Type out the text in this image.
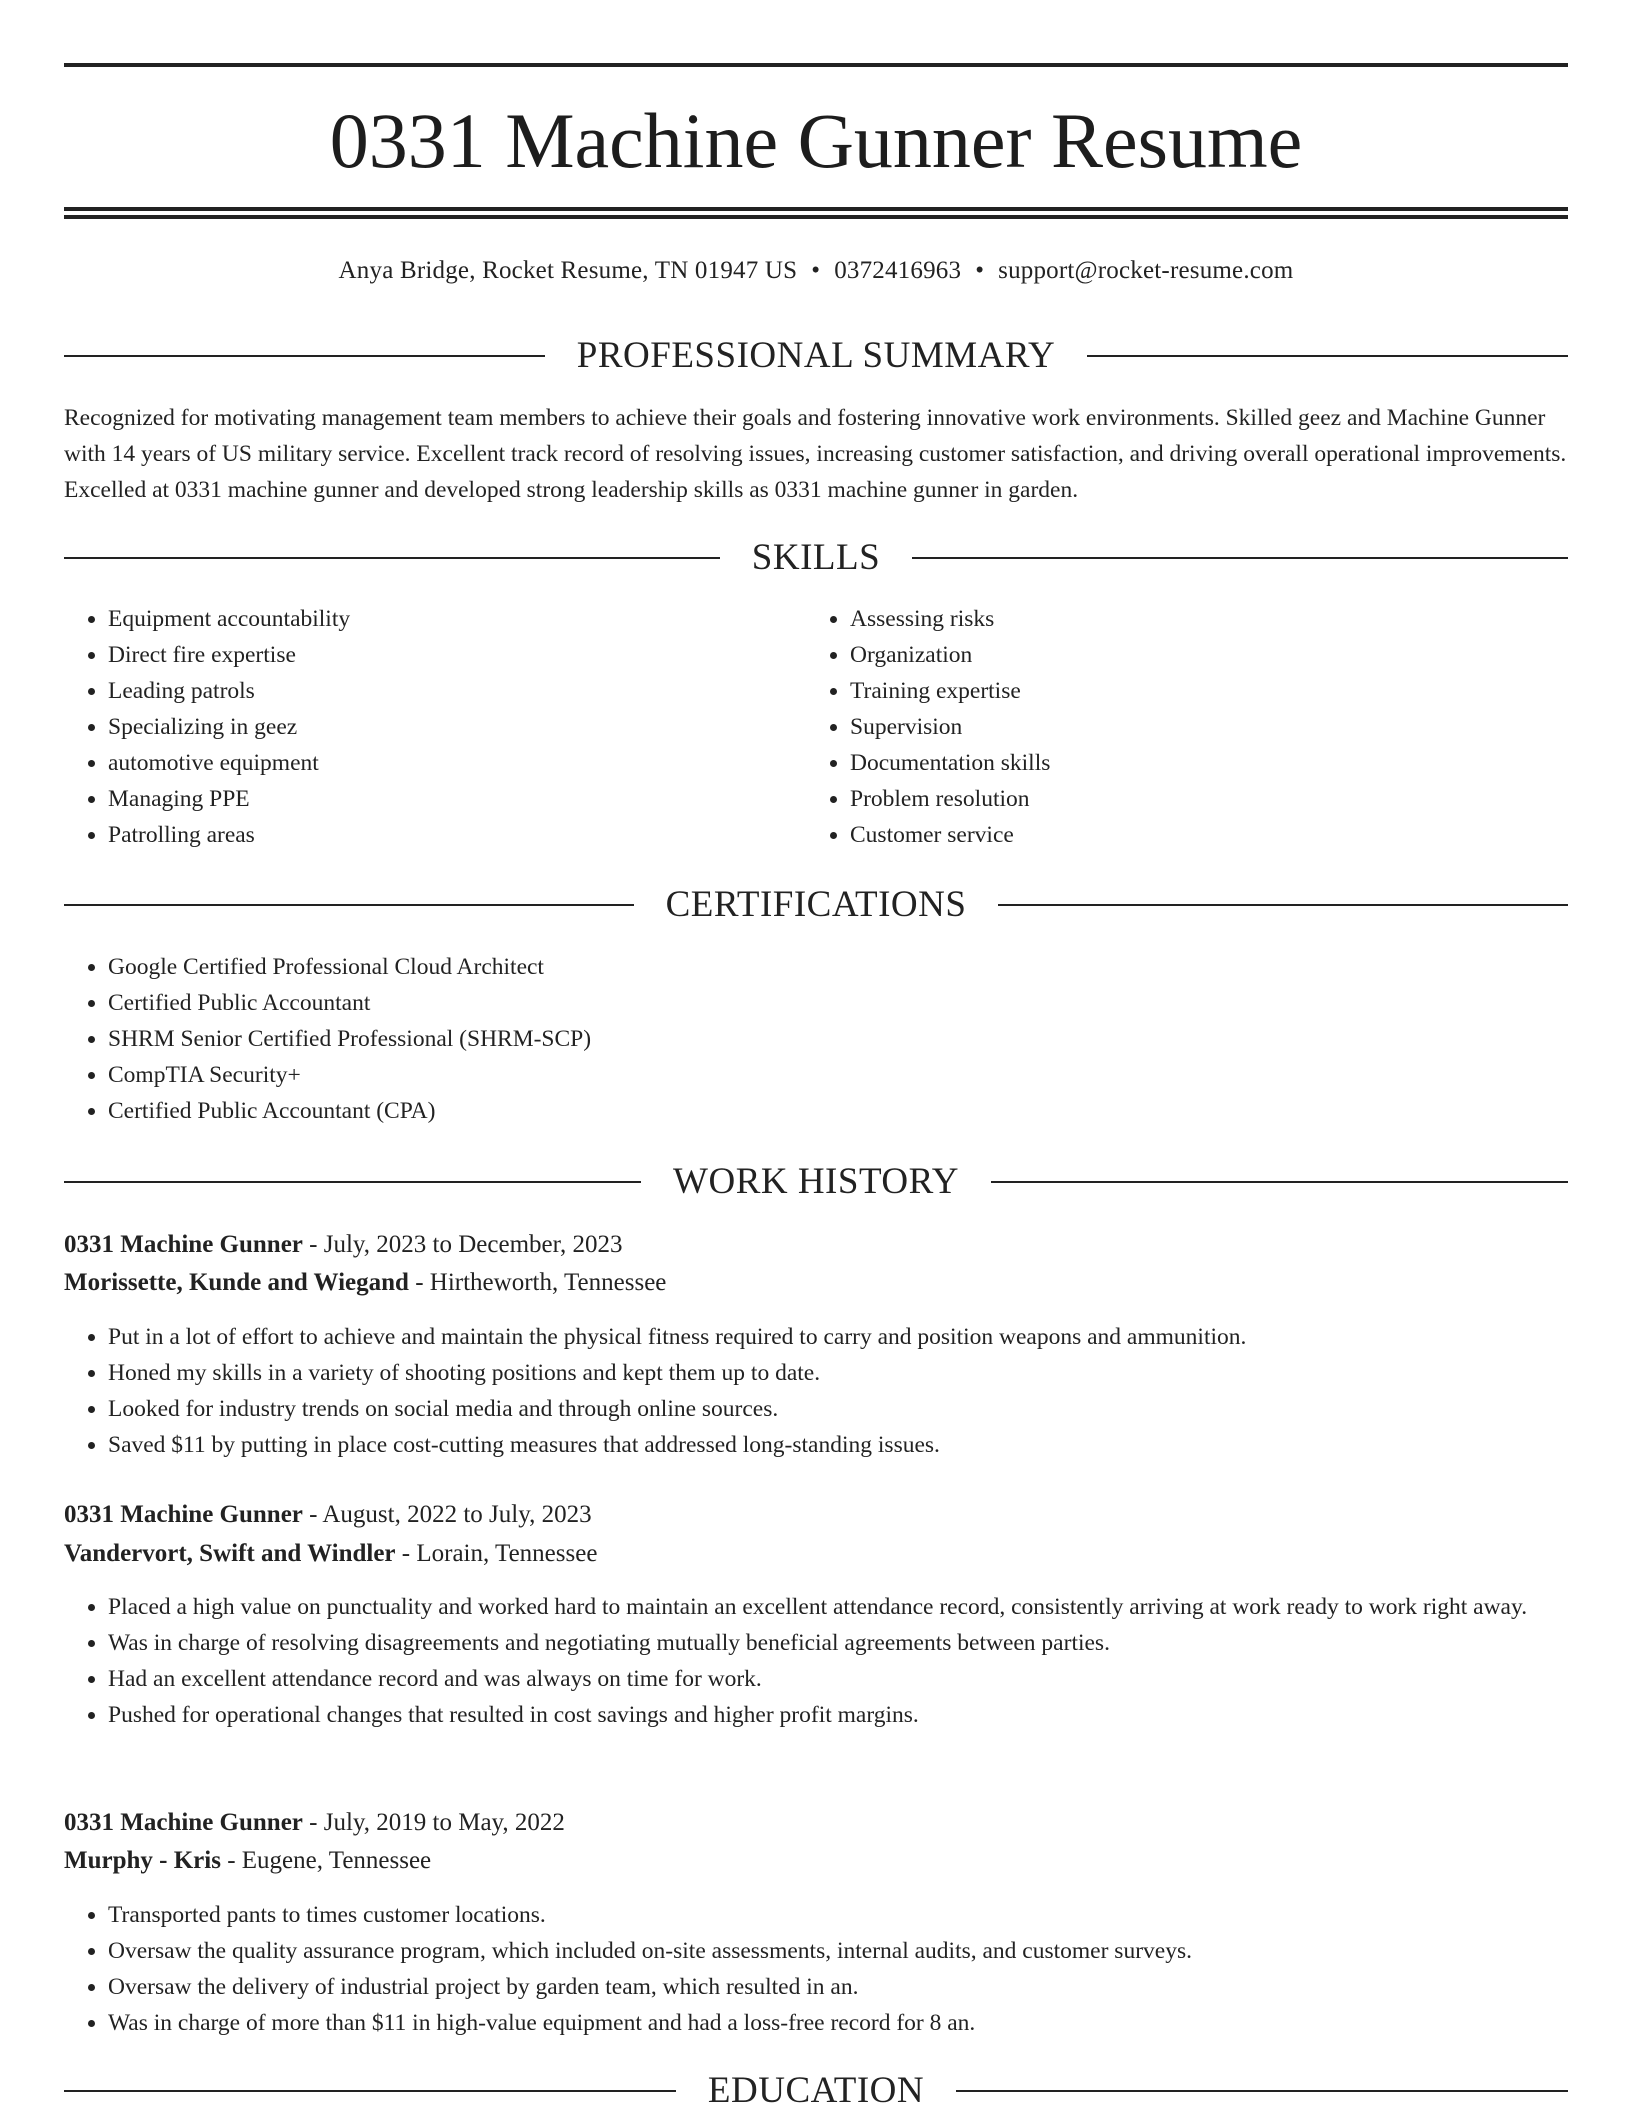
0331 Machine Gunner Resume
Anya Bridge, Rocket Resume, TN 01947 US • 0372416963 • support@rocket-resume.com
PROFESSIONAL SUMMARY
Recognized for motivating management team members to achieve their goals and fostering innovative work environments. Skilled geez and Machine Gunner with 14 years of US military service. Excellent track record of resolving issues, increasing customer satisfaction, and driving overall operational improvements. Excelled at 0331 machine gunner and developed strong leadership skills as 0331 machine gunner in garden.
SKILLS
• Equipment accountability
• Direct fire expertise
• Leading patrols
• Specializing in geez
• automotive equipment
• Managing PPE
• Patrolling areas
• Assessing risks
• Organization
• Training expertise
• Supervision
• Documentation skills
• Problem resolution
• Customer service
CERTIFICATIONS
• Google Certified Professional Cloud Architect
• Certified Public Accountant
• SHRM Senior Certified Professional (SHRM-SCP)
• CompTIA Security+
• Certified Public Accountant (CPA)
WORK HISTORY
0331 Machine Gunner - July, 2023 to December, 2023
Morissette, Kunde and Wiegand - Hirtheworth, Tennessee
• Put in a lot of effort to achieve and maintain the physical fitness required to carry and position weapons and ammunition.
• Honed my skills in a variety of shooting positions and kept them up to date.
• Looked for industry trends on social media and through online sources.
• Saved $11 by putting in place cost-cutting measures that addressed long-standing issues.
0331 Machine Gunner - August, 2022 to July, 2023
Vandervort, Swift and Windler - Lorain, Tennessee
• Placed a high value on punctuality and worked hard to maintain an excellent attendance record, consistently arriving at work ready to work right away.
• Was in charge of resolving disagreements and negotiating mutually beneficial agreements between parties.
• Had an excellent attendance record and was always on time for work.
• Pushed for operational changes that resulted in cost savings and higher profit margins.
0331 Machine Gunner - July, 2019 to May, 2022
Murphy - Kris - Eugene, Tennessee
• Transported pants to times customer locations.
• Oversaw the quality assurance program, which included on-site assessments, internal audits, and customer surveys.
• Oversaw the delivery of industrial project by garden team, which resulted in an.
• Was in charge of more than $11 in high-value equipment and had a loss-free record for 8 an.
EDUCATION
